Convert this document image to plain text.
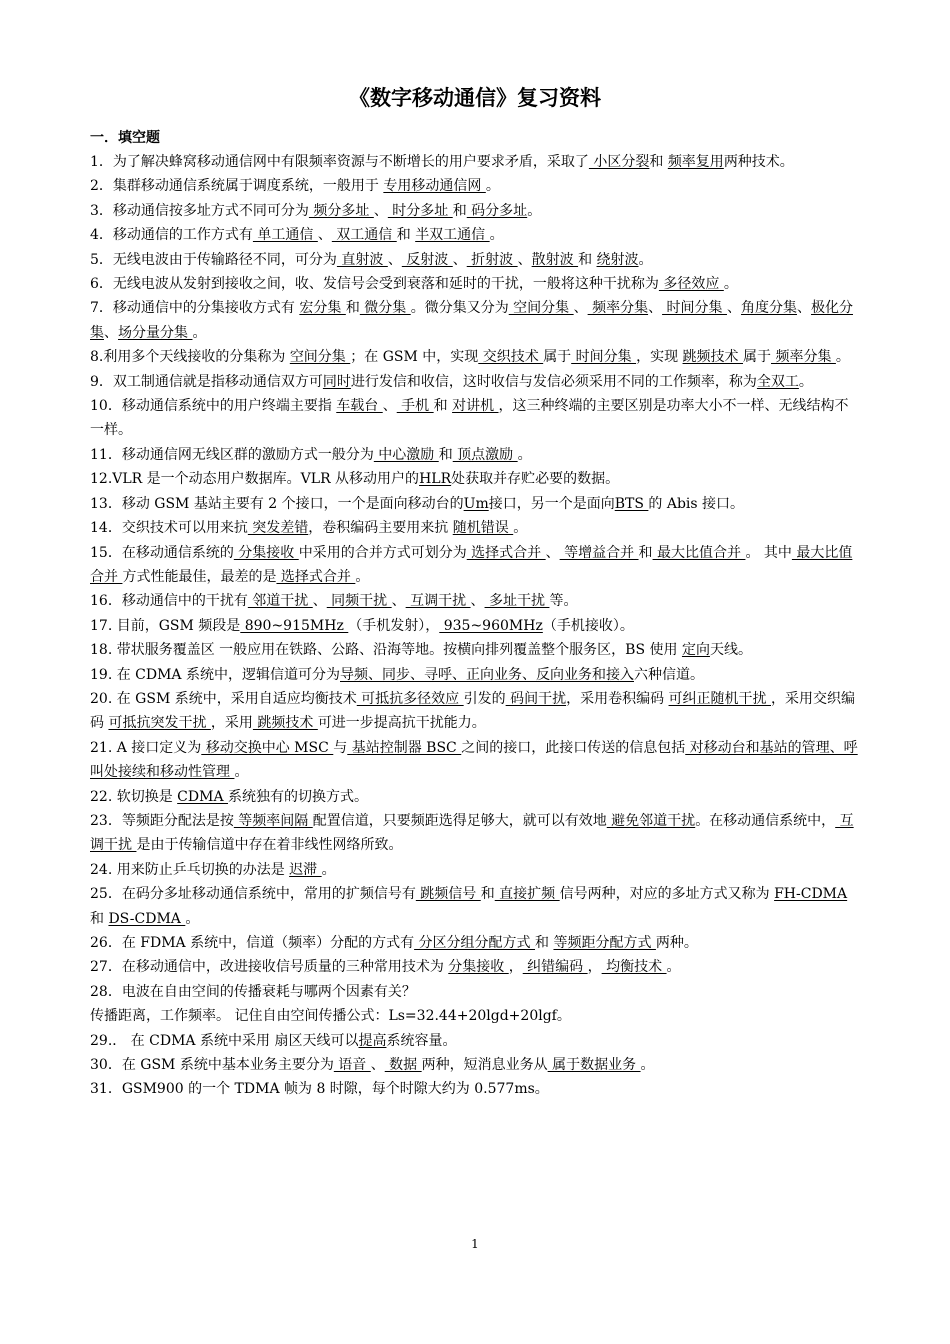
《数字移动通信》复习资料
一．填空题

1．为了解决蜂窝移动通信网中有限频率资源与不断增长的用户要求矛盾，采取了 小区分裂和 频率复用两种技术。

2．集群移动通信系统属于调度系统，一般用于 专用移动通信网 。

3．移动通信按多址方式不同可分为 频分多址 、 时分多址 和 码分多址。

4．移动通信的工作方式有 单工通信 、 双工通信 和 半双工通信 。

5．无线电波由于传输路径不同，可分为 直射波 、 反射波 、 折射波 、散射波 和 绕射波。

6．无线电波从发射到接收之间，收、发信号会受到衰落和延时的干扰，一般将这种干扰称为 多径效应 。

7．移动通信中的分集接收方式有 宏分集 和 微分集 。微分集又分为 空间分集 、 频率分集、 时间分集 、角度分集、极化分集、场分量分集 。

8.利用多个天线接收的分集称为 空间分集 ；在 GSM 中，实现 交织技术 属于 时间分集 ，实现 跳频技术 属于 频率分集 。

9．双工制通信就是指移动通信双方可同时进行发信和收信，这时收信与发信必须采用不同的工作频率，称为全双工。

10．移动通信系统中的用户终端主要指 车载台 、 手机 和 对讲机 ，这三种终端的主要区别是功率大小不一样、无线结构不一样。

11．移动通信网无线区群的激励方式一般分为 中心激励 和 顶点激励 。

12.VLR 是一个动态用户数据库。VLR 从移动用户的HLR处获取并存贮必要的数据。

13．移动 GSM 基站主要有 2 个接口，一个是面向移动台的Um接口，另一个是面向BTS 的 Abis 接口。

14．交织技术可以用来抗 突发差错，卷积编码主要用来抗 随机错误 。

15．在移动通信系统的 分集接收 中采用的合并方式可划分为 选择式合并 、 等增益合并 和 最大比值合并 。 其中 最大比值合并 方式性能最佳，最差的是 选择式合并 。

16．移动通信中的干扰有 邻道干扰 、 同频干扰 、 互调干扰 、 多址干扰 等。

17. 目前，GSM 频段是 890~915MHz （手机发射）， 935~960MHz（手机接收）。

18. 带状服务覆盖区 一般应用在铁路、公路、沿海等地。按横向排列覆盖整个服务区，BS 使用 定向天线。

19. 在 CDMA 系统中，逻辑信道可分为导频、同步、寻呼、正向业务、反向业务和接入六种信道。

20. 在 GSM 系统中，采用自适应均衡技术 可抵抗多径效应 引发的 码间干扰，采用卷积编码 可纠正随机干扰 ，采用交织编码 可抵抗突发干扰 ，采用 跳频技术 可进一步提高抗干扰能力。

21. A 接口定义为 移动交换中心 MSC 与 基站控制器 BSC 之间的接口，此接口传送的信息包括 对移动台和基站的管理、呼叫处接续和移动性管理 。

22. 软切换是 CDMA 系统独有的切换方式。

23．等频距分配法是按 等频率间隔 配置信道，只要频距选得足够大，就可以有效地 避免邻道干扰。在移动通信系统中， 互调干扰 是由于传输信道中存在着非线性网络所致。

24. 用来防止乒乓切换的办法是 迟滞 。

25．在码分多址移动通信系统中，常用的扩频信号有 跳频信号 和 直接扩频 信号两种，对应的多址方式又称为 FH-CDMA 和 DS-CDMA 。

26．在 FDMA 系统中，信道（频率）分配的方式有 分区分组分配方式 和 等频距分配方式 两种。

27．在移动通信中，改进接收信号质量的三种常用技术为 分集接收 ， 纠错编码 ， 均衡技术 。

28．电波在自由空间的传播衰耗与哪两个因素有关？

传播距离，工作频率。 记住自由空间传播公式：Ls=32.44+20lgd+20lgf。

29.． 在 CDMA 系统中采用 扇区天线可以提高系统容量。

30．在 GSM 系统中基本业务主要分为 语音 、 数据 两种，短消息业务从 属于数据业务 。

31．GSM900 的一个 TDMA 帧为 8 时隙，每个时隙大约为 0.577ms。

1
